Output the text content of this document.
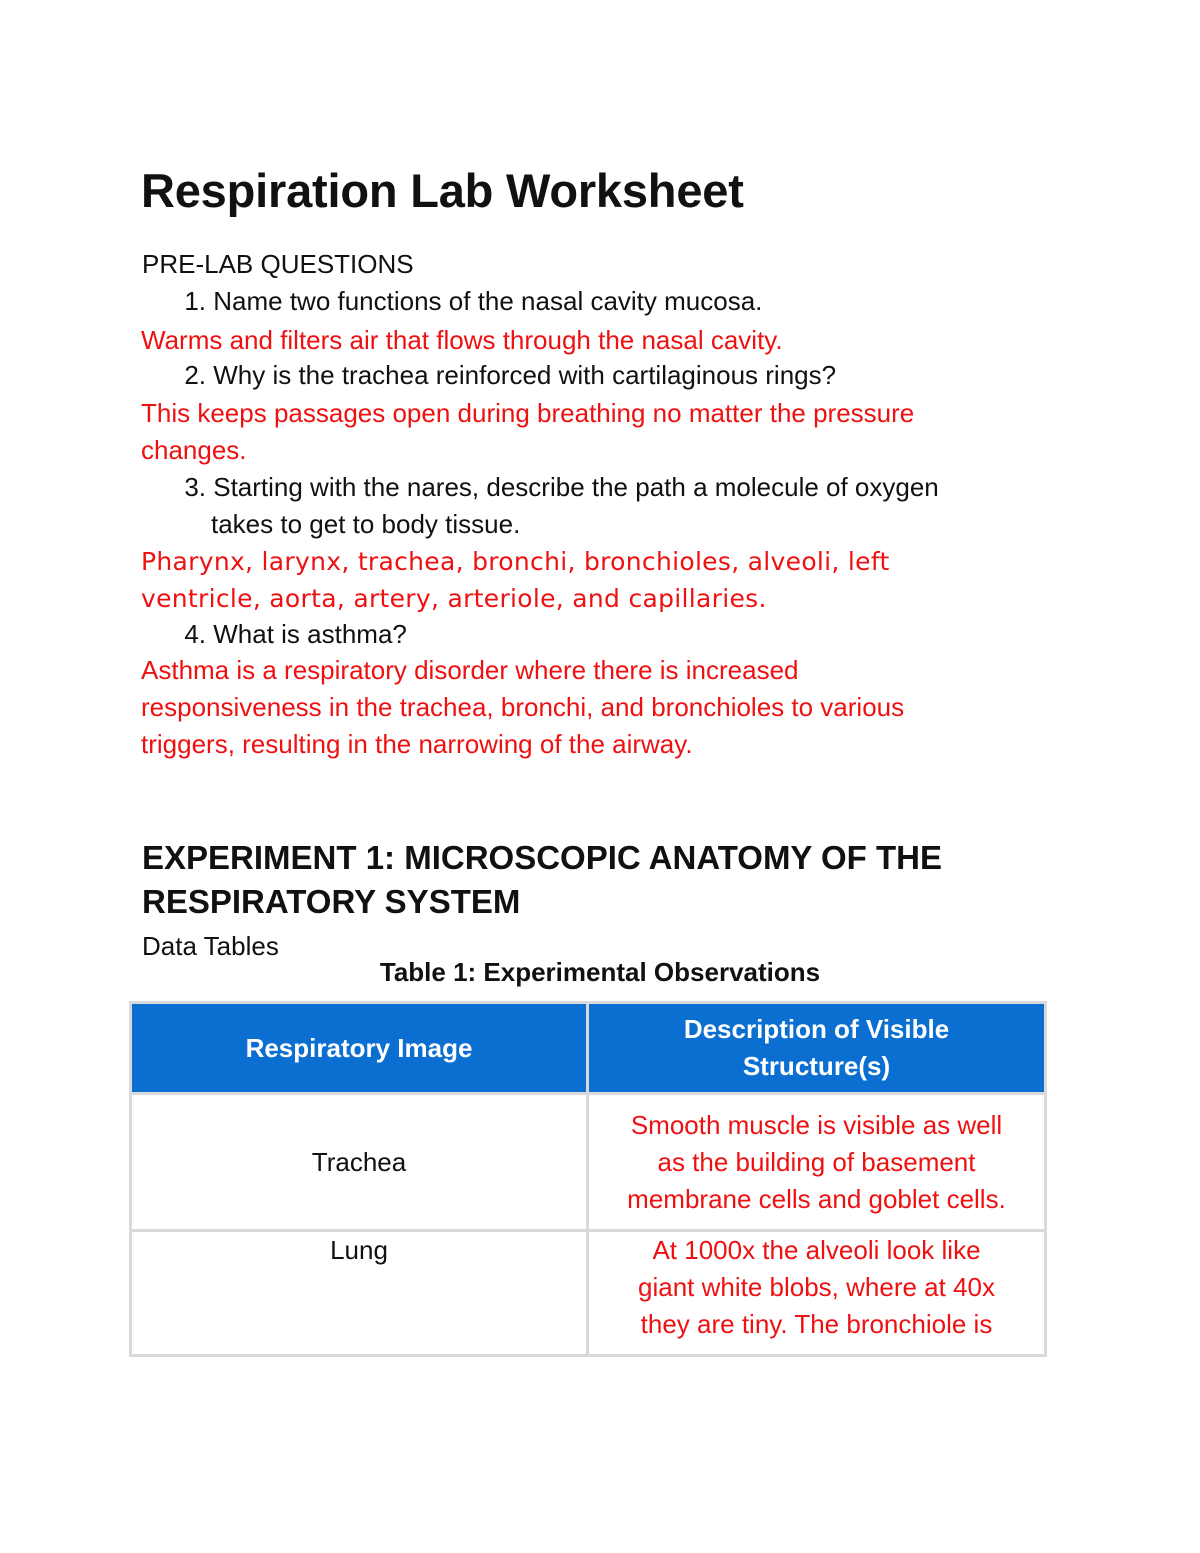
Respiration Lab Worksheet
PRE-LAB QUESTIONS
1. Name two functions of the nasal cavity mucosa.
Warms and filters air that flows through the nasal cavity.
2. Why is the trachea reinforced with cartilaginous rings?
This keeps passages open during breathing no matter the pressure
changes.
3. Starting with the nares, describe the path a molecule of oxygen
takes to get to body tissue.
Pharynx, larynx, trachea, bronchi, bronchioles, alveoli, left
ventricle, aorta, artery, arteriole, and capillaries.
4. What is asthma?
Asthma is a respiratory disorder where there is increased
responsiveness in the trachea, bronchi, and bronchioles to various
triggers, resulting in the narrowing of the airway.
EXPERIMENT 1: MICROSCOPIC ANATOMY OF THE
RESPIRATORY SYSTEM
Data Tables
Table 1: Experimental Observations
Respiratory Image	Description of Visible
Structure(s)
Trachea	Smooth muscle is visible as well
as the building of basement
membrane cells and goblet cells.
Lung	At 1000x the alveoli look like
giant white blobs, where at 40x
they are tiny. The bronchiole is
